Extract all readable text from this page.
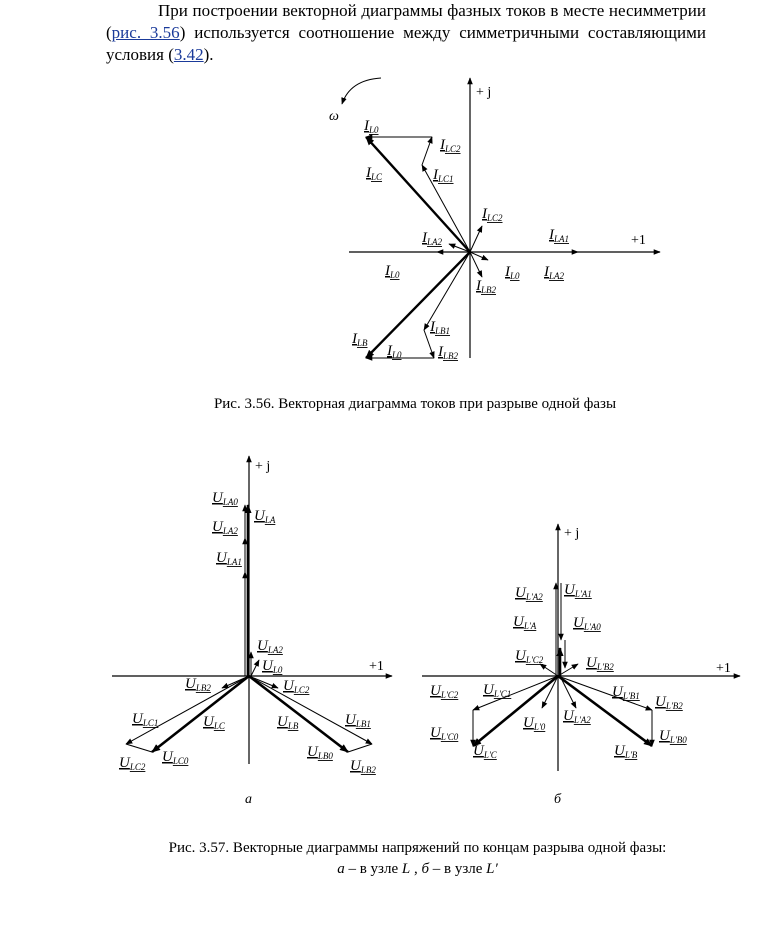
При построении векторной диаграммы фазных токов в месте несимметрии (рис. 3.56) используется соотношение между симметричными составляющими условия (3.42).
+ j
+1
ω
$I_{L0}$
$I_{LC2}$
$I_{LC}$	$I_{LC1}$
$I_{LC2}$
$I_{LA2}$	$I_{LA1}$
$I_{L0}$	$I_{L0}$ $I_{LA2}$
$I_{LB2}$
$I_{LB1}$
$I_{LB}$ $I_{L0}$ $I_{LB2}$
$U_{LA0}$
$U_{LA}$
$U_{LA2}$
$U_{LA1}$
$U_{LA2}$
$U_{L0}$
$U_{LB2}$	$U_{LC2}$
$U_{LC1}$	$U_{LC}$	$U_{LB}$	$U_{LB1}$
$U_{LC2}$
$U_{LC0}$
$U_{LB0}$
$U_{LB2}$
$U_{L'A2}$ $U_{L'A1}$
$U_{L'A}$ $U_{L'A0}$
$U_{L'C2}$	$U_{L'B2}$
$U_{L'C2}$ $U_{L'C1}$	$U_{L'B1}$ $U_{L'B2}$
$U_{L'0}$
$U_{L'A2}$
$U_{L'C0}$	$U_{L'B0}$
$U_{L'C}$	$U_{L'B}$
+ j
+1
а
+ j
+1
б
Рис. 3.56. Векторная диаграмма токов при разрыве одной фазы
Рис. 3.57. Векторные диаграммы напряжений по концам разрыва одной фазы:
а – в узле L , б – в узле L′
